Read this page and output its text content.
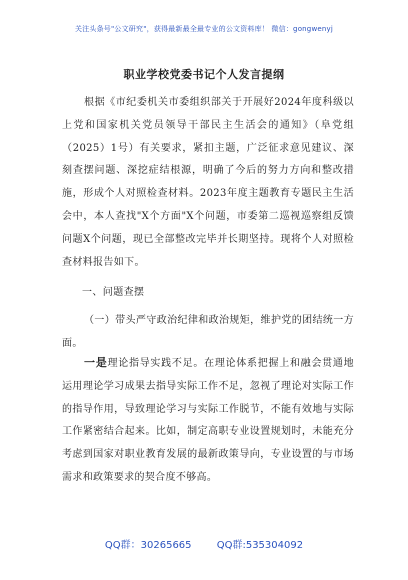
关注头条号"公文研究"，获得最新最全最专业的公文资料库！ 微信：gongwenyj
职业学校党委书记个人发言提纲

根据《市纪委机关市委组织部关于开展好2024年度科级以上党和国家机关党员领导干部民主生活会的通知》（阜党组（2025）1号）有关要求，紧扣主题，广泛征求意见建议、深刻查摆问题、深挖症结根源，明确了今后的努力方向和整改措施，形成个人对照检查材料。2023年度主题教育专题民主生活会中，本人查找"X个方面"X个问题，市委第二巡视巡察组反馈问题X个问题，现已全部整改完毕并长期坚持。现将个人对照检查材料报告如下。

一、问题查摆

（一）带头严守政治纪律和政治规矩，维护党的团结统一方面。

一是理论指导实践不足。在理论体系把握上和融会贯通地运用理论学习成果去指导实际工作不足，忽视了理论对实际工作的指导作用，导致理论学习与实际工作脱节，不能有效地与实际工作紧密结合起来。比如，制定高职专业设置规划时，未能充分考虑到国家对职业教育发展的最新政策导向，专业设置的与市场需求和政策要求的契合度不够高。

QQ群：30265665	QQ群:535304092
